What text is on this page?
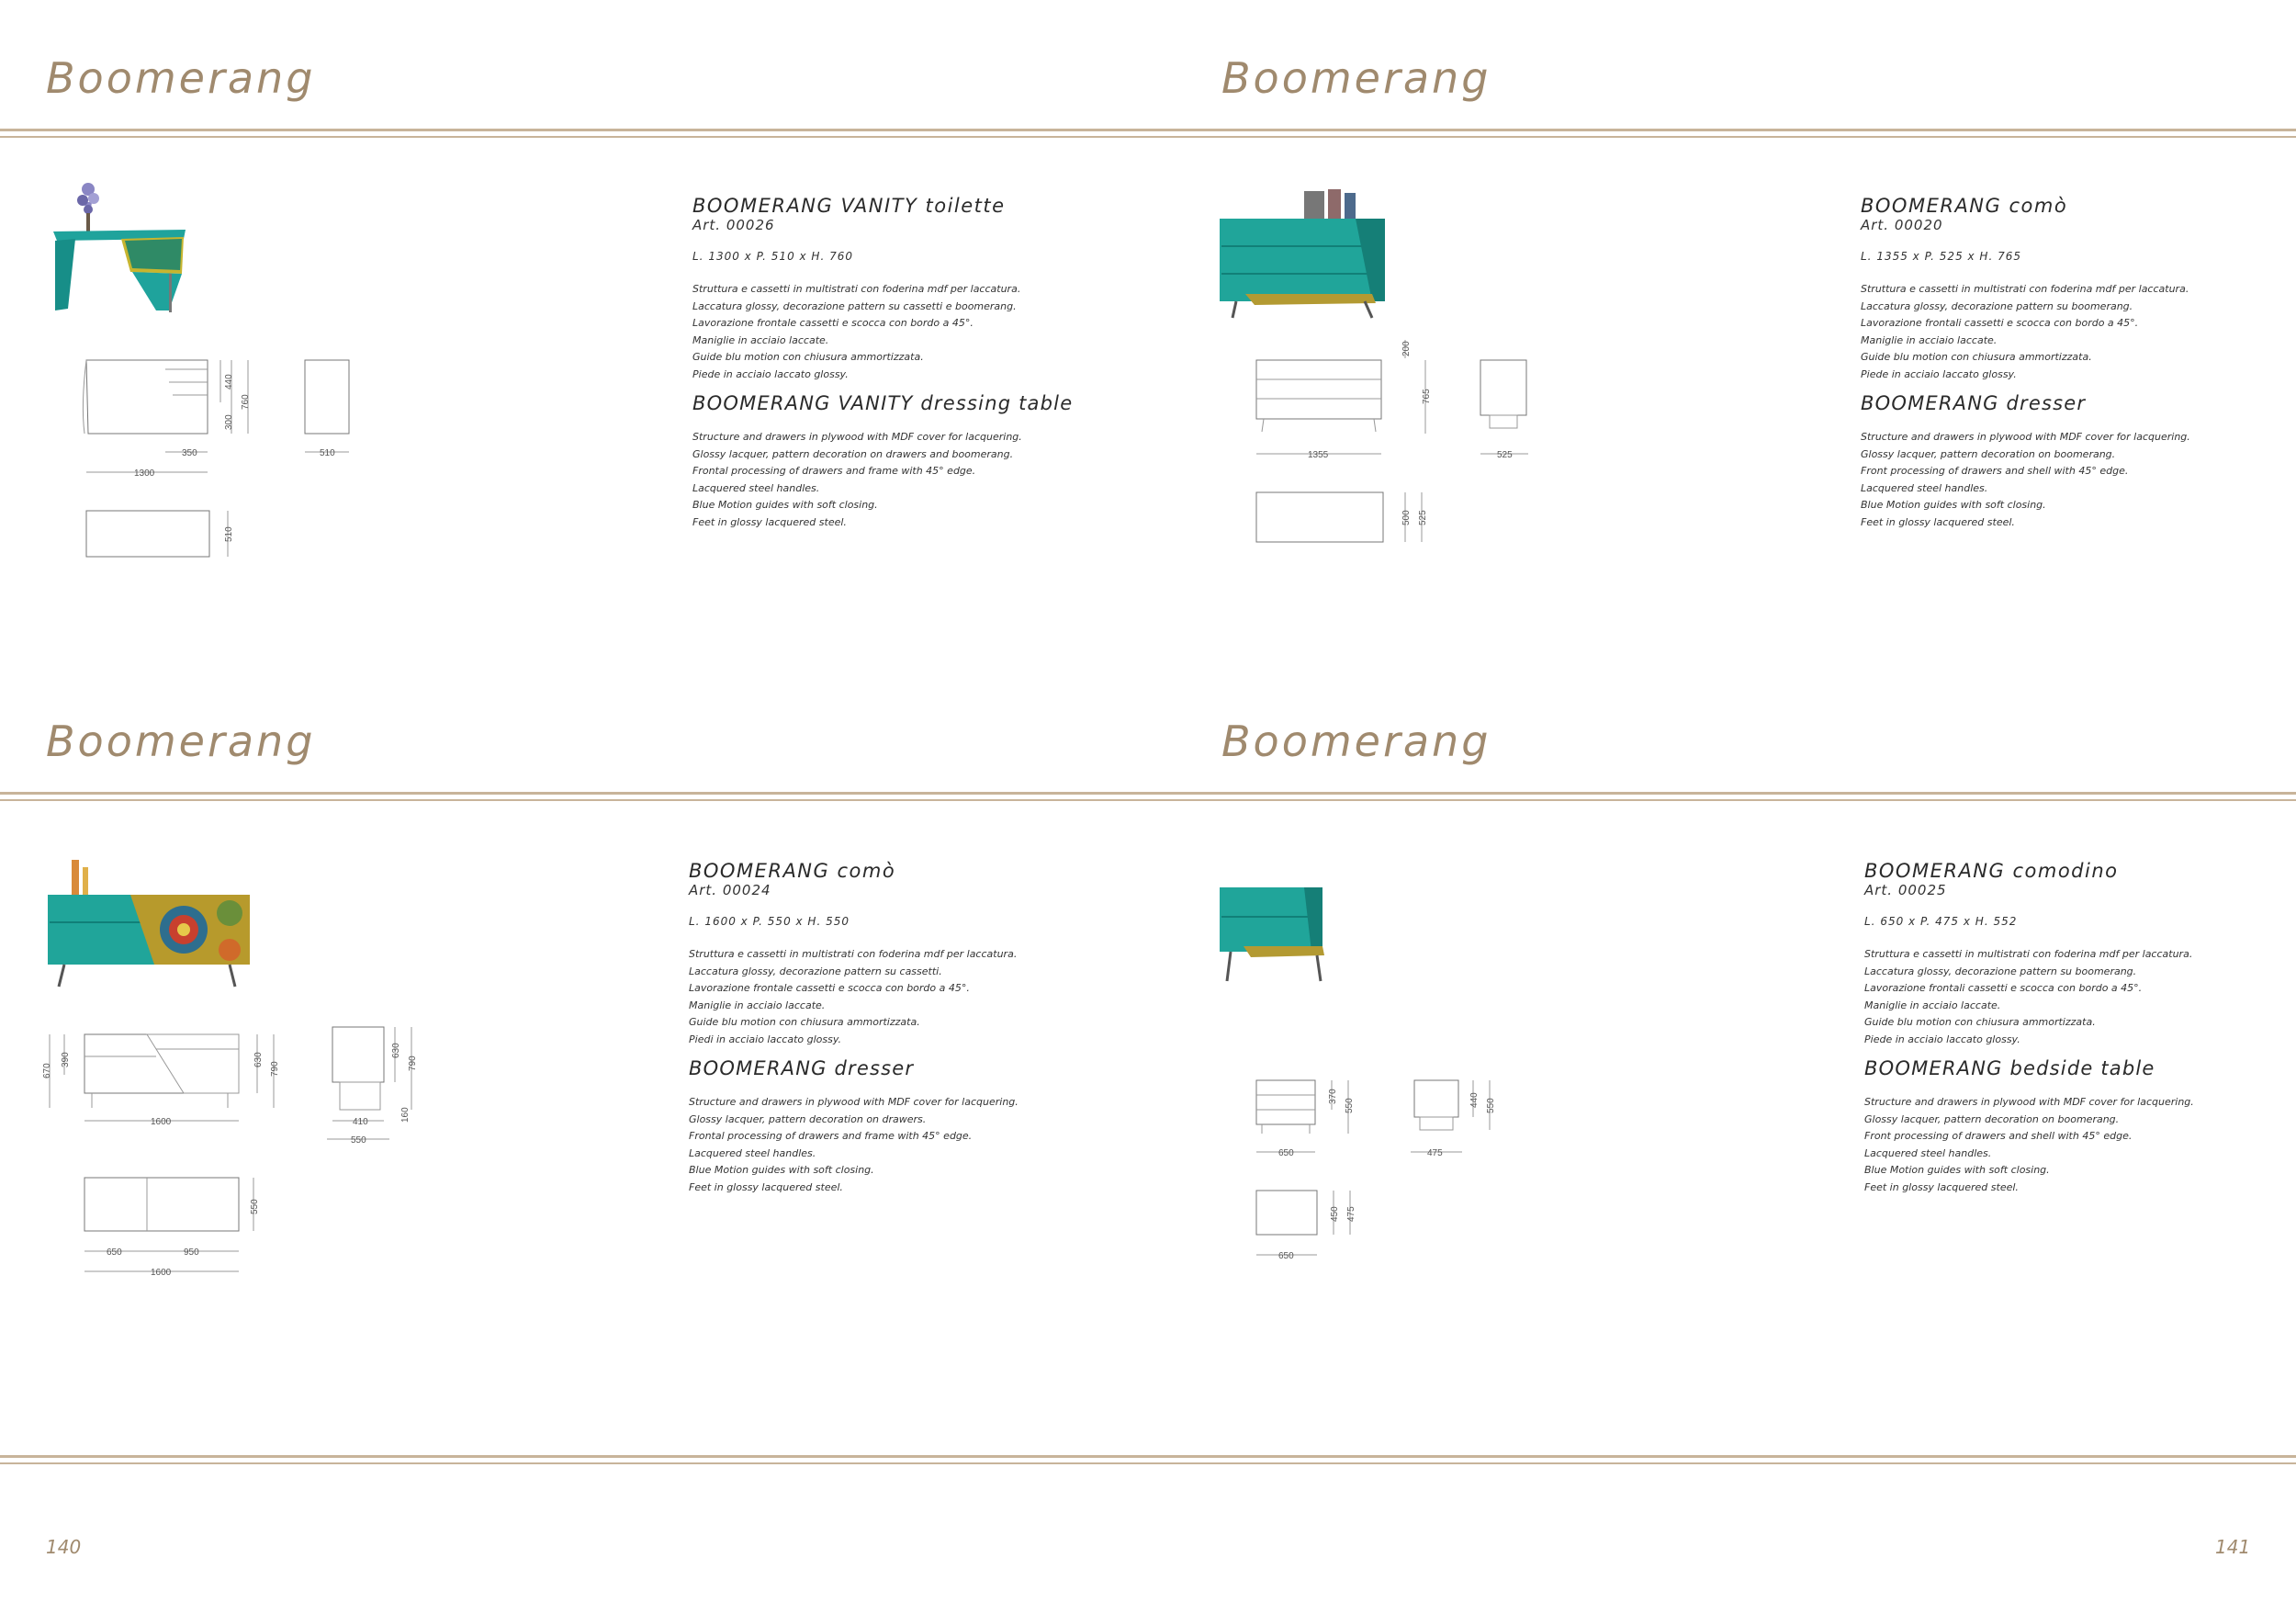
Boomerang	Boomerang
Boomerang	Boomerang
140	141
440
300
760
350
1300
510
510

BOOMERANG VANITY toilette

Art. 00026

L. 1300 x P. 510 x H. 760

Struttura e cassetti in multistrati con foderina mdf per laccatura.
Laccatura glossy, decorazione pattern su cassetti e boomerang.
Lavorazione frontale cassetti e scocca con bordo a 45°.
Maniglie in acciaio laccate.
Guide blu motion con chiusura ammortizzata.
Piede in acciaio laccato glossy.

BOOMERANG VANITY dressing table

Structure and drawers in plywood with MDF cover for lacquering.
Glossy lacquer, pattern decoration on drawers and boomerang.
Frontal processing of drawers and frame with 45° edge.
Lacquered steel handles.
Blue Motion guides with soft closing.
Feet in glossy lacquered steel.
200
765
1355	525
500 525

BOOMERANG comò

Art. 00020

L. 1355 x P. 525 x H. 765

Struttura e cassetti in multistrati con foderina mdf per laccatura.
Laccatura glossy, decorazione pattern su boomerang.
Lavorazione frontali cassetti e scocca con bordo a 45°.
Maniglie in acciaio laccate.
Guide blu motion con chiusura ammortizzata.
Piede in acciaio laccato glossy.

BOOMERANG dresser

Structure and drawers in plywood with MDF cover for lacquering.
Glossy lacquer, pattern decoration on boomerang.
Front processing of drawers and shell with 45° edge.
Lacquered steel handles.
Blue Motion guides with soft closing.
Feet in glossy lacquered steel.
670
390	630
790
1600
630
790
160
410
550
550
650	950
1600

BOOMERANG comò

Art. 00024

L. 1600 x P. 550 x H. 550

Struttura e cassetti in multistrati con foderina mdf per laccatura.
Laccatura glossy, decorazione pattern su cassetti.
Lavorazione frontale cassetti e scocca con bordo a 45°.
Maniglie in acciaio laccate.
Guide blu motion con chiusura ammortizzata.
Piedi in acciaio laccato glossy.

BOOMERANG dresser

Structure and drawers in plywood with MDF cover for lacquering.
Glossy lacquer, pattern decoration on drawers.
Frontal processing of drawers and frame with 45° edge.
Lacquered steel handles.
Blue Motion guides with soft closing.
Feet in glossy lacquered steel.
370
550
650
440 550
475
450 475
650

BOOMERANG comodino

Art. 00025

L. 650 x P. 475 x H. 552

Struttura e cassetti in multistrati con foderina mdf per laccatura.
Laccatura glossy, decorazione pattern su boomerang.
Lavorazione frontali cassetti e scocca con bordo a 45°.
Maniglie in acciaio laccate.
Guide blu motion con chiusura ammortizzata.
Piede in acciaio laccato glossy.

BOOMERANG bedside table

Structure and drawers in plywood with MDF cover for lacquering.
Glossy lacquer, pattern decoration on boomerang.
Front processing of drawers and shell with 45° edge.
Lacquered steel handles.
Blue Motion guides with soft closing.
Feet in glossy lacquered steel.
